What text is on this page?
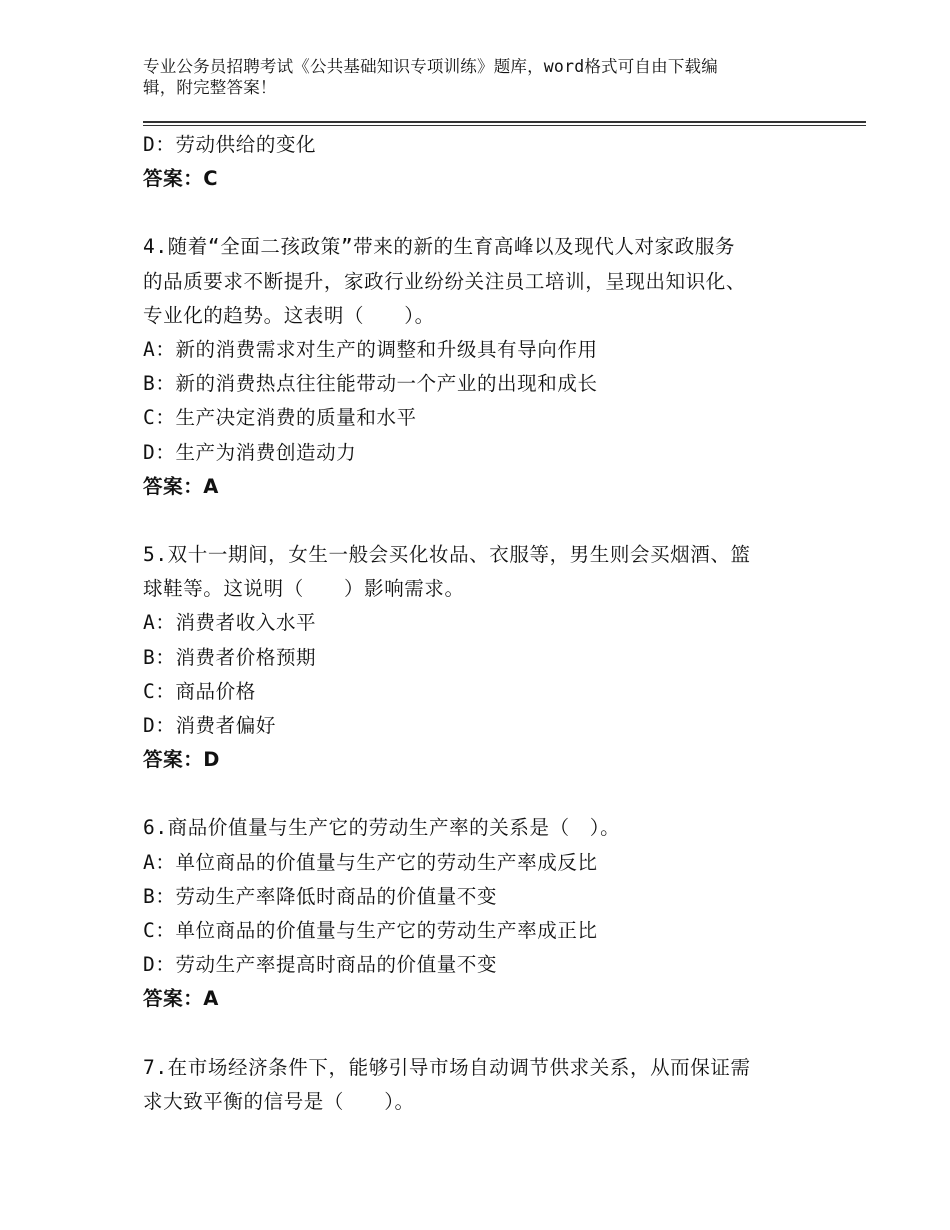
专业公务员招聘考试《公共基础知识专项训练》题库，word格式可自由下载编
辑，附完整答案！
D：劳动供给的变化
答案：C
4.随着“全面二孩政策”带来的新的生育高峰以及现代人对家政服务
的品质要求不断提升，家政行业纷纷关注员工培训，呈现出知识化、
专业化的趋势。这表明（　　）。
A：新的消费需求对生产的调整和升级具有导向作用
B：新的消费热点往往能带动一个产业的出现和成长
C：生产决定消费的质量和水平
D：生产为消费创造动力
答案：A
5.双十一期间，女生一般会买化妆品、衣服等，男生则会买烟酒、篮
球鞋等。这说明（　　）影响需求。
A：消费者收入水平
B：消费者价格预期
C：商品价格
D：消费者偏好
答案：D
6.商品价值量与生产它的劳动生产率的关系是（　）。
A：单位商品的价值量与生产它的劳动生产率成反比
B：劳动生产率降低时商品的价值量不变
C：单位商品的价值量与生产它的劳动生产率成正比
D：劳动生产率提高时商品的价值量不变
答案：A
7.在市场经济条件下，能够引导市场自动调节供求关系，从而保证需
求大致平衡的信号是（　　）。
